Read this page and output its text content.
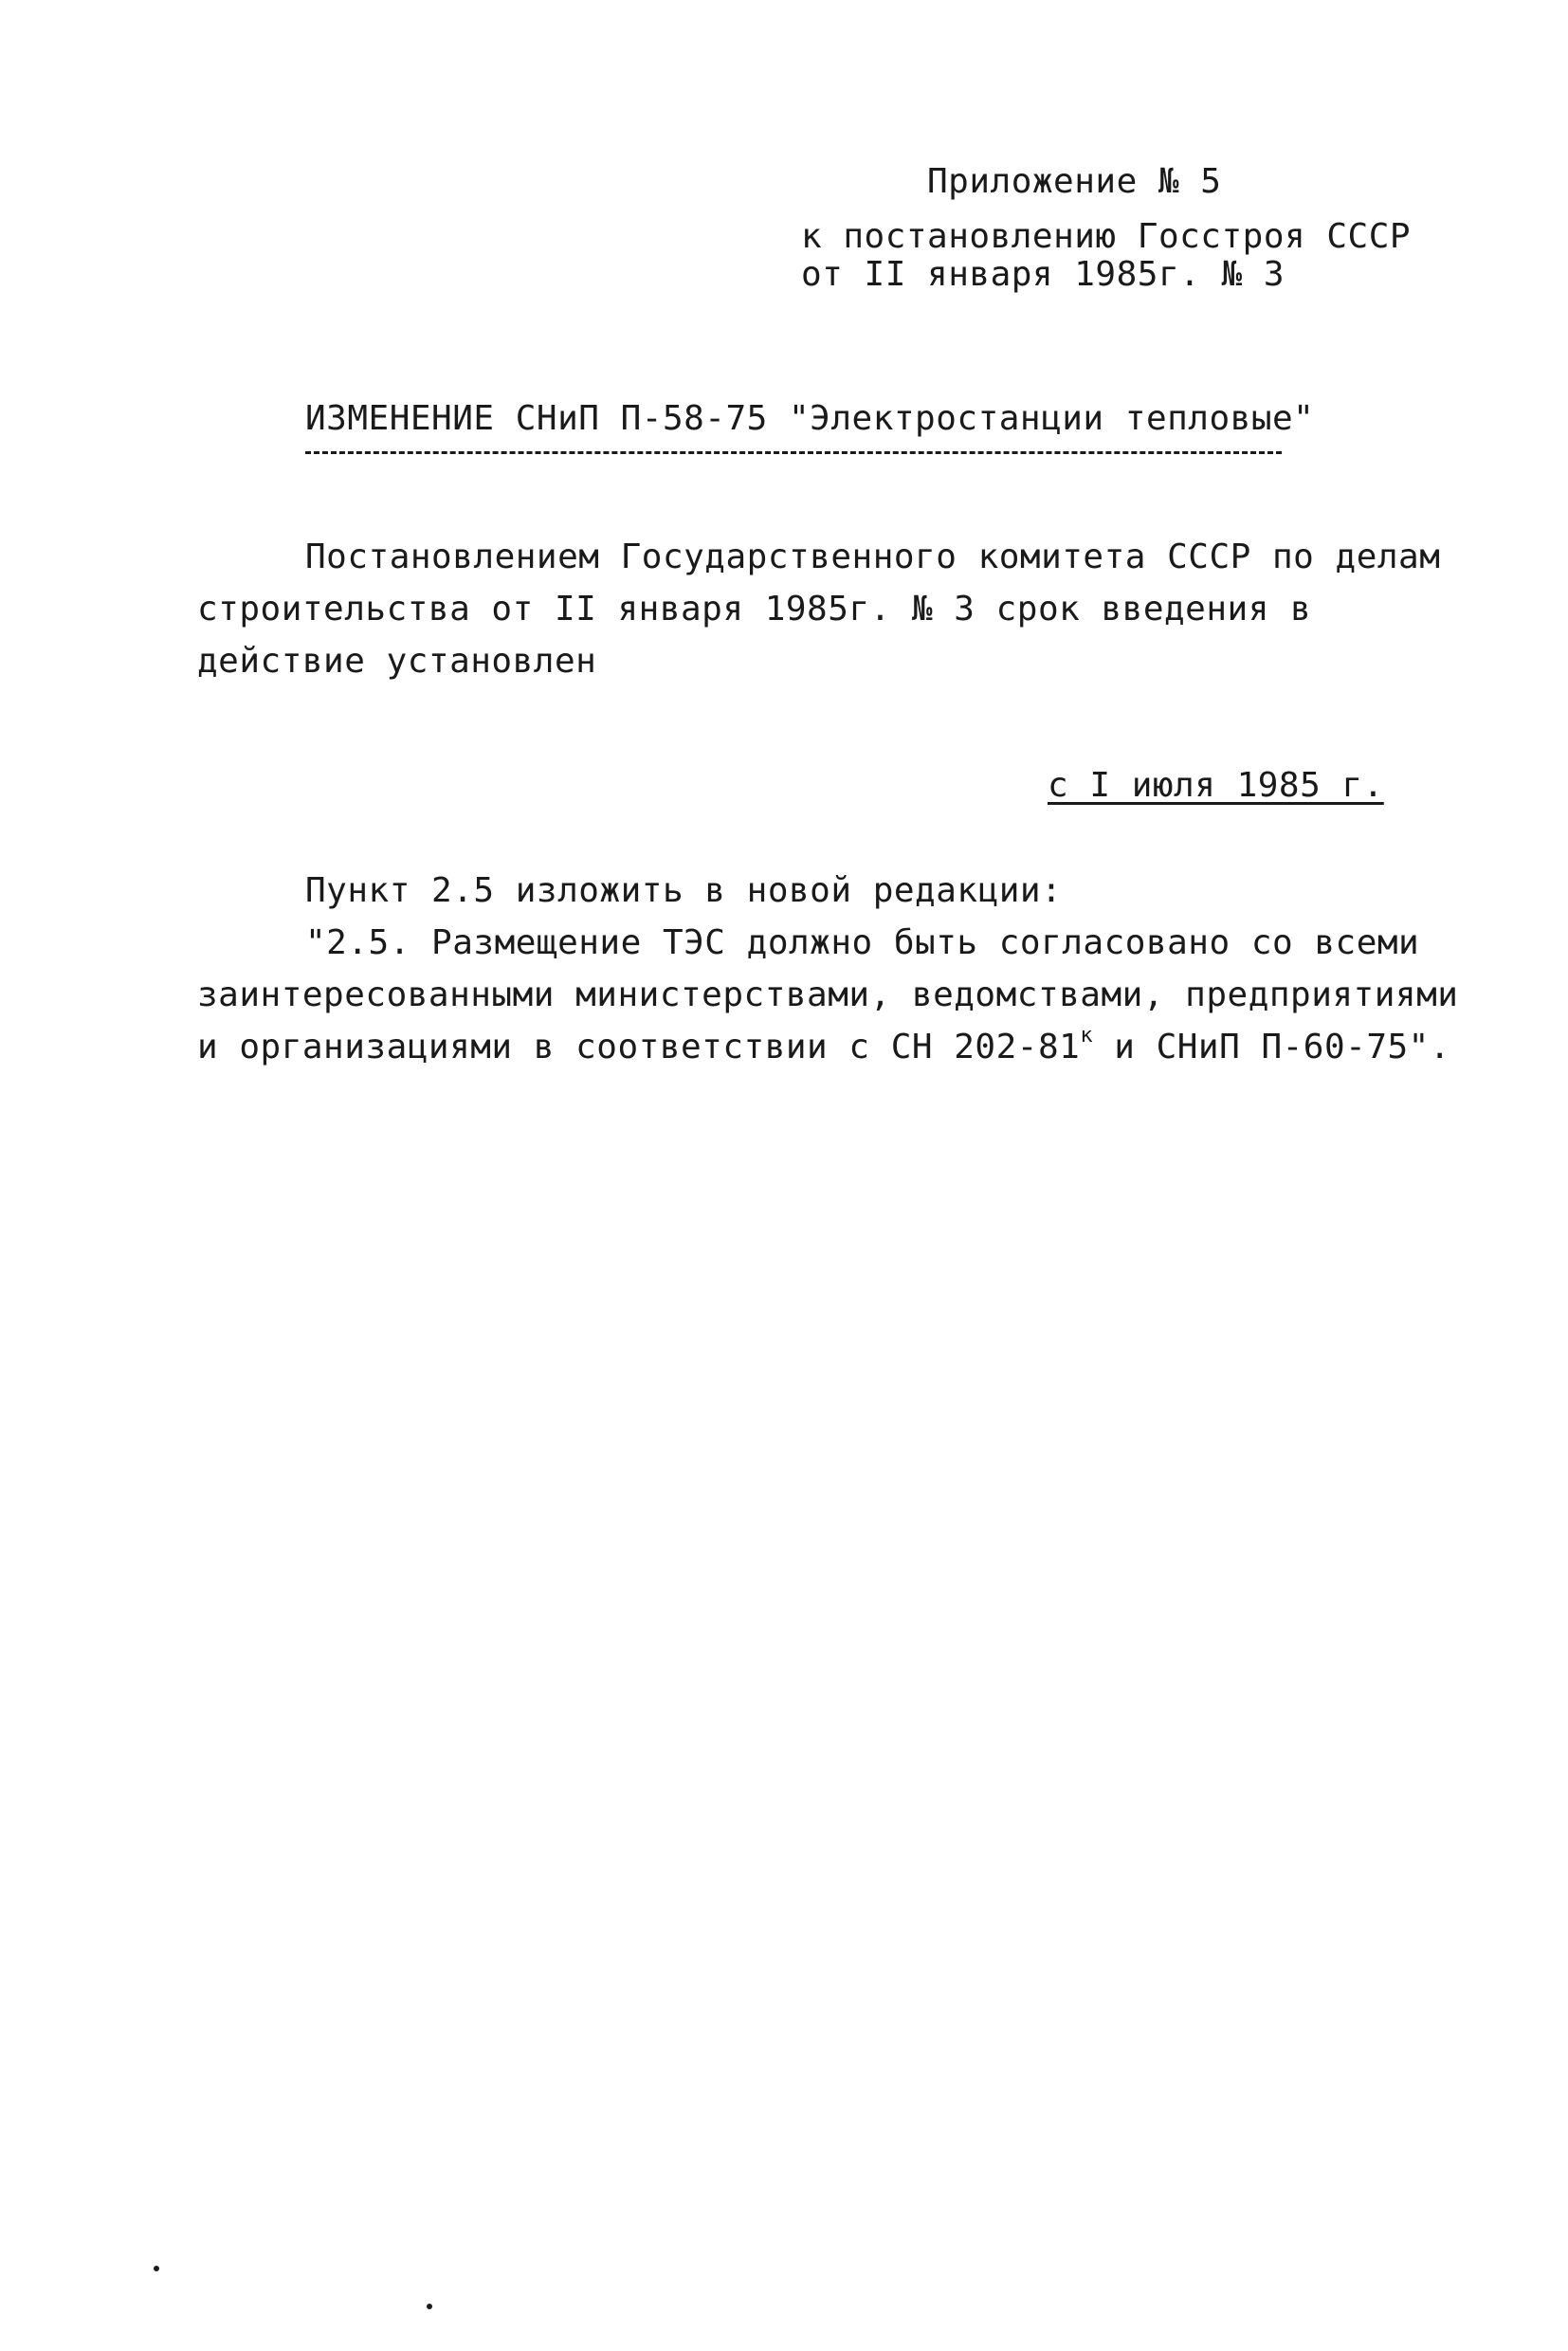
Приложение № 5
к постановлению Госстроя СССР
от II января 1985г. № 3
ИЗМЕНЕНИЕ СНиП П-58-75 "Электростанции тепловые"
Постановлением Государственного комитета СССР по делам
строительства от II января 1985г. № 3 срок введения в
действие установлен
с I июля 1985 г.
Пункт 2.5 изложить в новой редакции:
"2.5. Размещение ТЭС должно быть согласовано со всеми
заинтересованными министерствами, ведомствами, предприятиями
и организациями в соответствии с СН $202-81^к$ и СНиП П-60-75".
